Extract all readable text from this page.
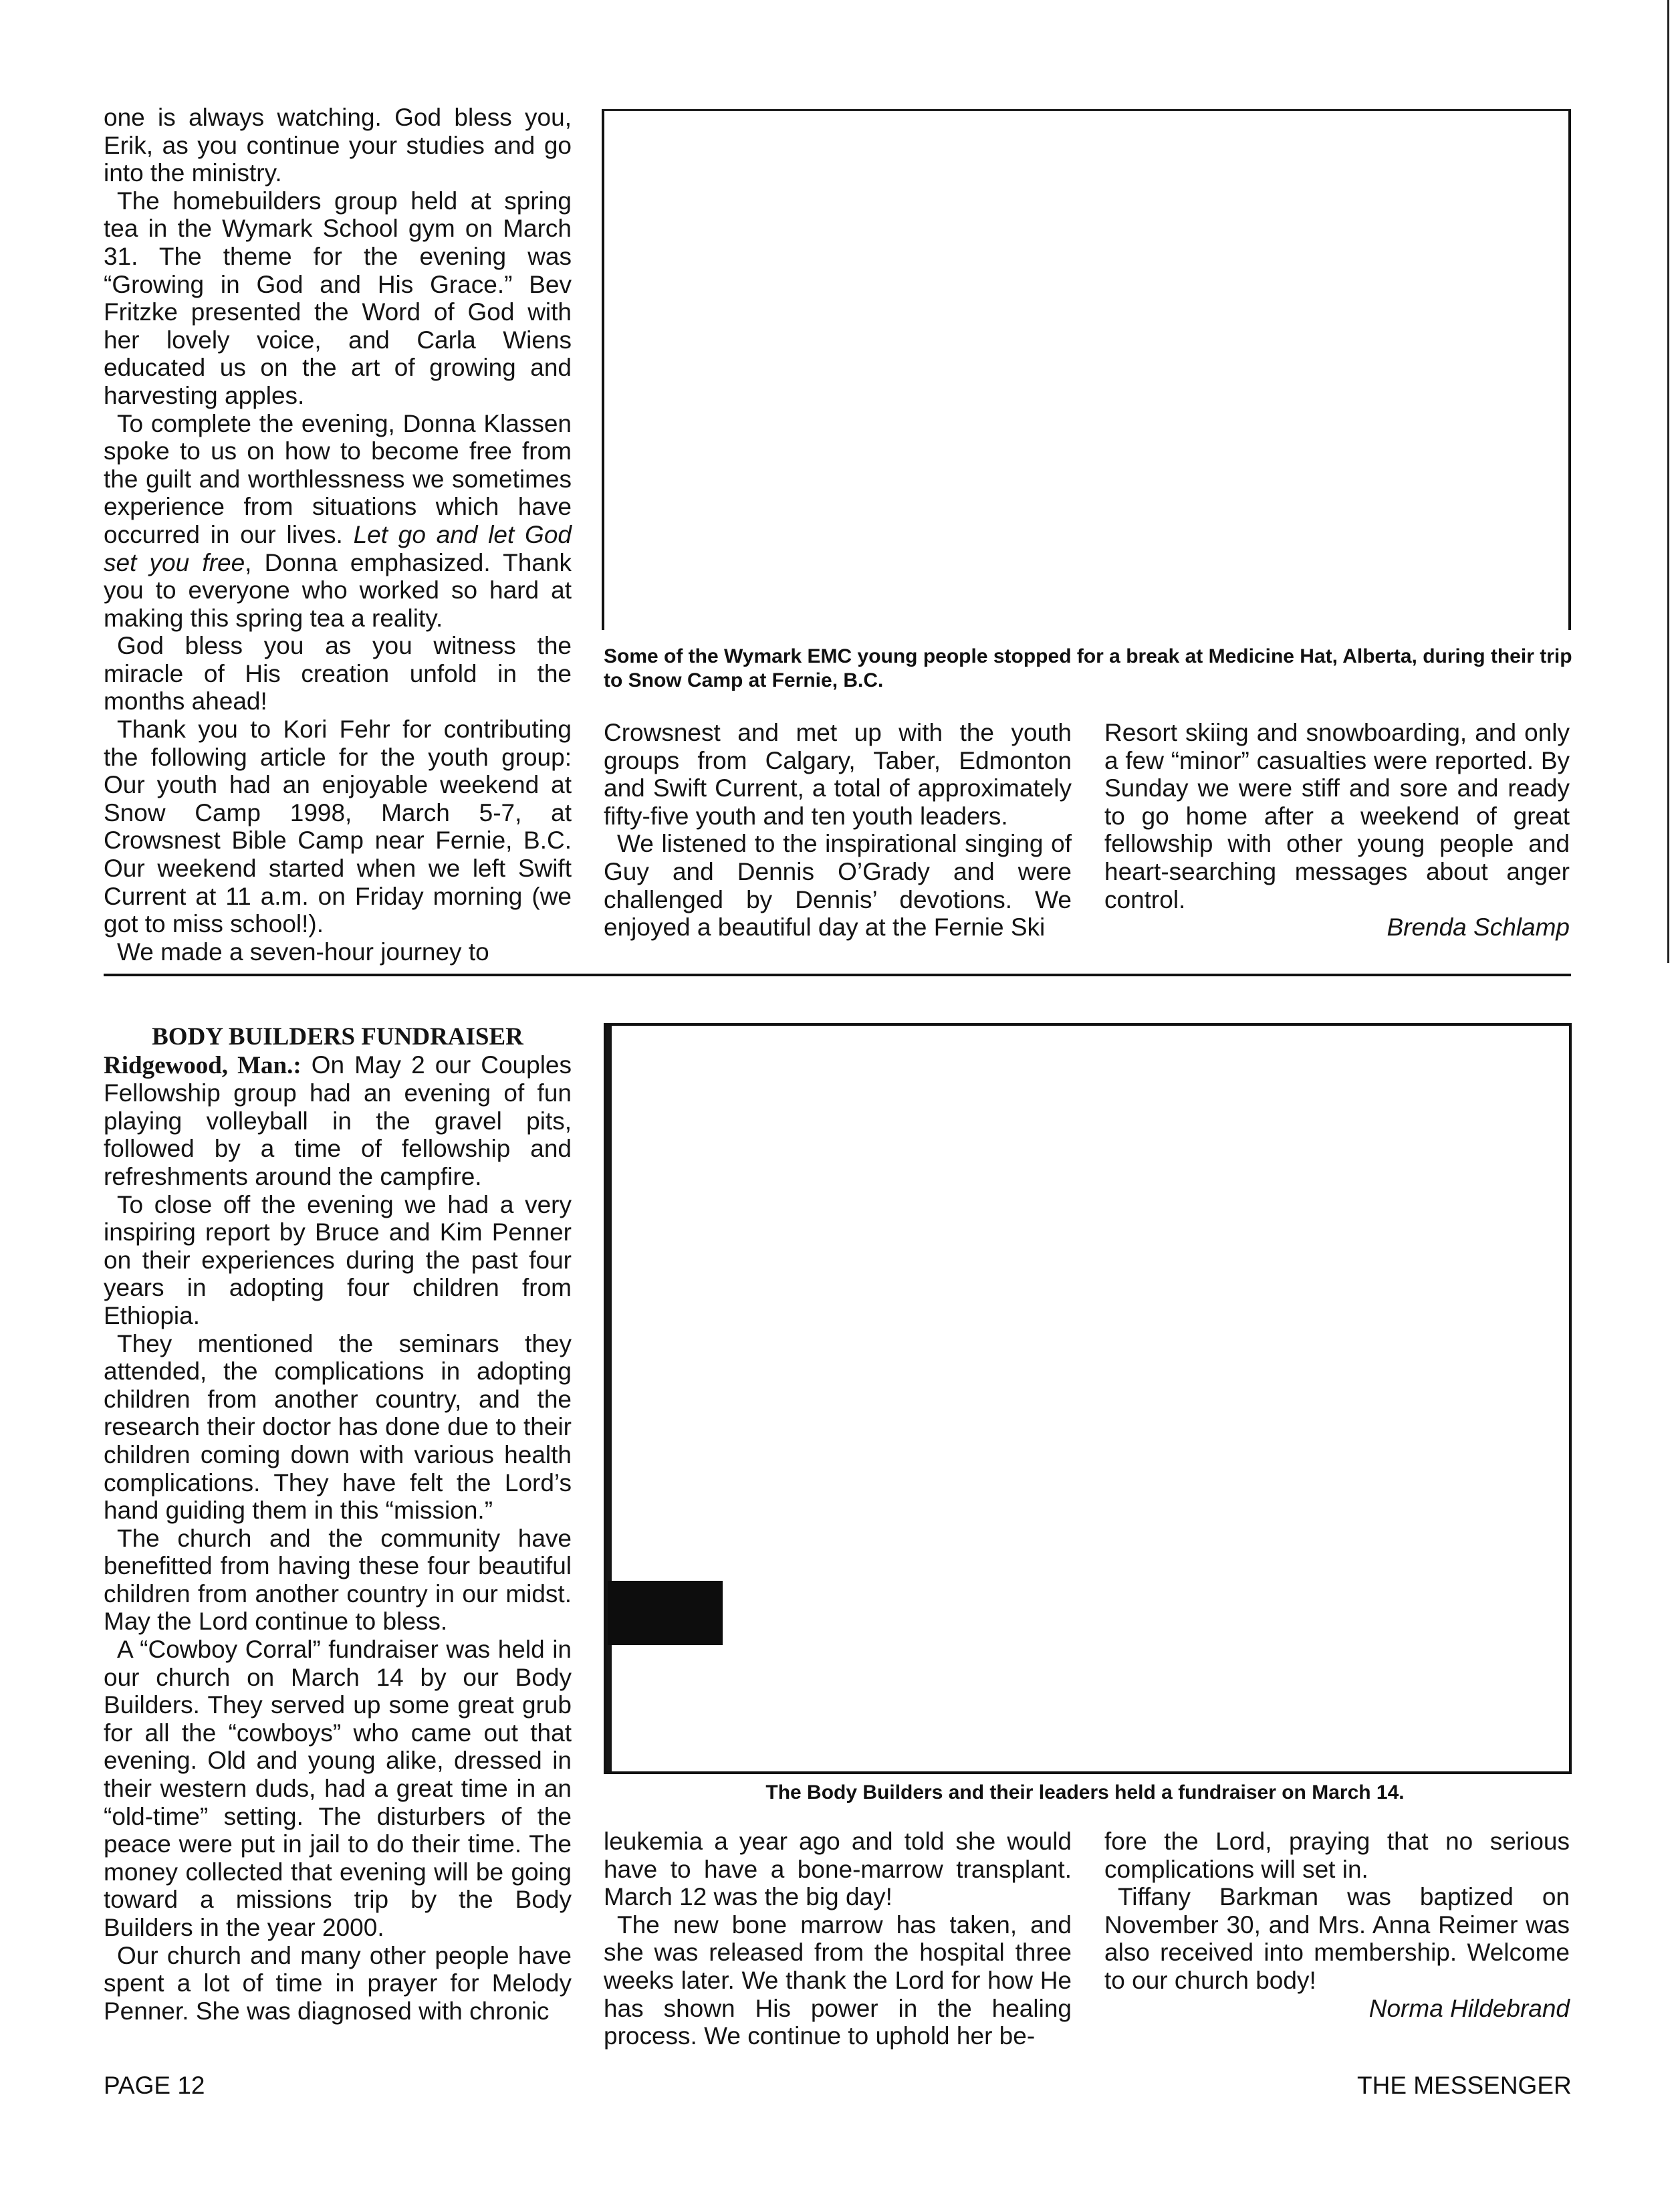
one is always watching. God bless you, Erik, as you continue your studies and go into the ministry.

The homebuilders group held at spring tea in the Wymark School gym on March 31. The theme for the evening was “Growing in God and His Grace.” Bev Fritzke presented the Word of God with her lovely voice, and Carla Wiens educated us on the art of growing and harvesting apples.

To complete the evening, Donna Klassen spoke to us on how to become free from the guilt and worthlessness we sometimes experience from situations which have occurred in our lives. Let go and let God set you free, Donna emphasized. Thank you to everyone who worked so hard at making this spring tea a reality.

God bless you as you witness the miracle of His creation unfold in the months ahead!

Thank you to Kori Fehr for contributing the following article for the youth group: Our youth had an enjoyable weekend at Snow Camp 1998, March 5-7, at Crowsnest Bible Camp near Fernie, B.C. Our weekend started when we left Swift Current at 11 a.m. on Friday morning (we got to miss school!).

We made a seven-hour journey to

Some of the Wymark EMC young people stopped for a break at Medicine Hat, Alberta, during their trip to Snow Camp at Fernie, B.C.

Crowsnest and met up with the youth groups from Calgary, Taber, Edmonton and Swift Current, a total of approximately fifty-five youth and ten youth leaders.

We listened to the inspirational singing of Guy and Dennis O’Grady and were challenged by Dennis’ devotions. We enjoyed a beautiful day at the Fernie Ski

Resort skiing and snowboarding, and only a few “minor” casualties were reported. By Sunday we were stiff and sore and ready to go home after a weekend of great fellowship with other young people and heart-searching messages about anger control.

Brenda Schlamp

BODY BUILDERS FUNDRAISER

Ridgewood, Man.: On May 2 our Couples Fellowship group had an evening of fun playing volleyball in the gravel pits, followed by a time of fellowship and refreshments around the campfire.

To close off the evening we had a very inspiring report by Bruce and Kim Penner on their experiences during the past four years in adopting four children from Ethiopia.

They mentioned the seminars they attended, the complications in adopting children from another country, and the research their doctor has done due to their children coming down with various health complications. They have felt the Lord’s hand guiding them in this “mission.”

The church and the community have benefitted from having these four beautiful children from another country in our midst. May the Lord continue to bless.

A “Cowboy Corral” fundraiser was held in our church on March 14 by our Body Builders. They served up some great grub for all the “cowboys” who came out that evening. Old and young alike, dressed in their western duds, had a great time in an “old-time” setting. The disturbers of the peace were put in jail to do their time. The money collected that evening will be going toward a missions trip by the Body Builders in the year 2000.

Our church and many other people have spent a lot of time in prayer for Melody Penner. She was diagnosed with chronic

The Body Builders and their leaders held a fundraiser on March 14.

leukemia a year ago and told she would have to have a bone-marrow transplant. March 12 was the big day!

The new bone marrow has taken, and she was released from the hospital three weeks later. We thank the Lord for how He has shown His power in the healing process. We continue to uphold her be-

fore the Lord, praying that no serious complications will set in.

Tiffany Barkman was baptized on November 30, and Mrs. Anna Reimer was also received into membership. Welcome to our church body!

Norma Hildebrand

PAGE 12	THE MESSENGER
